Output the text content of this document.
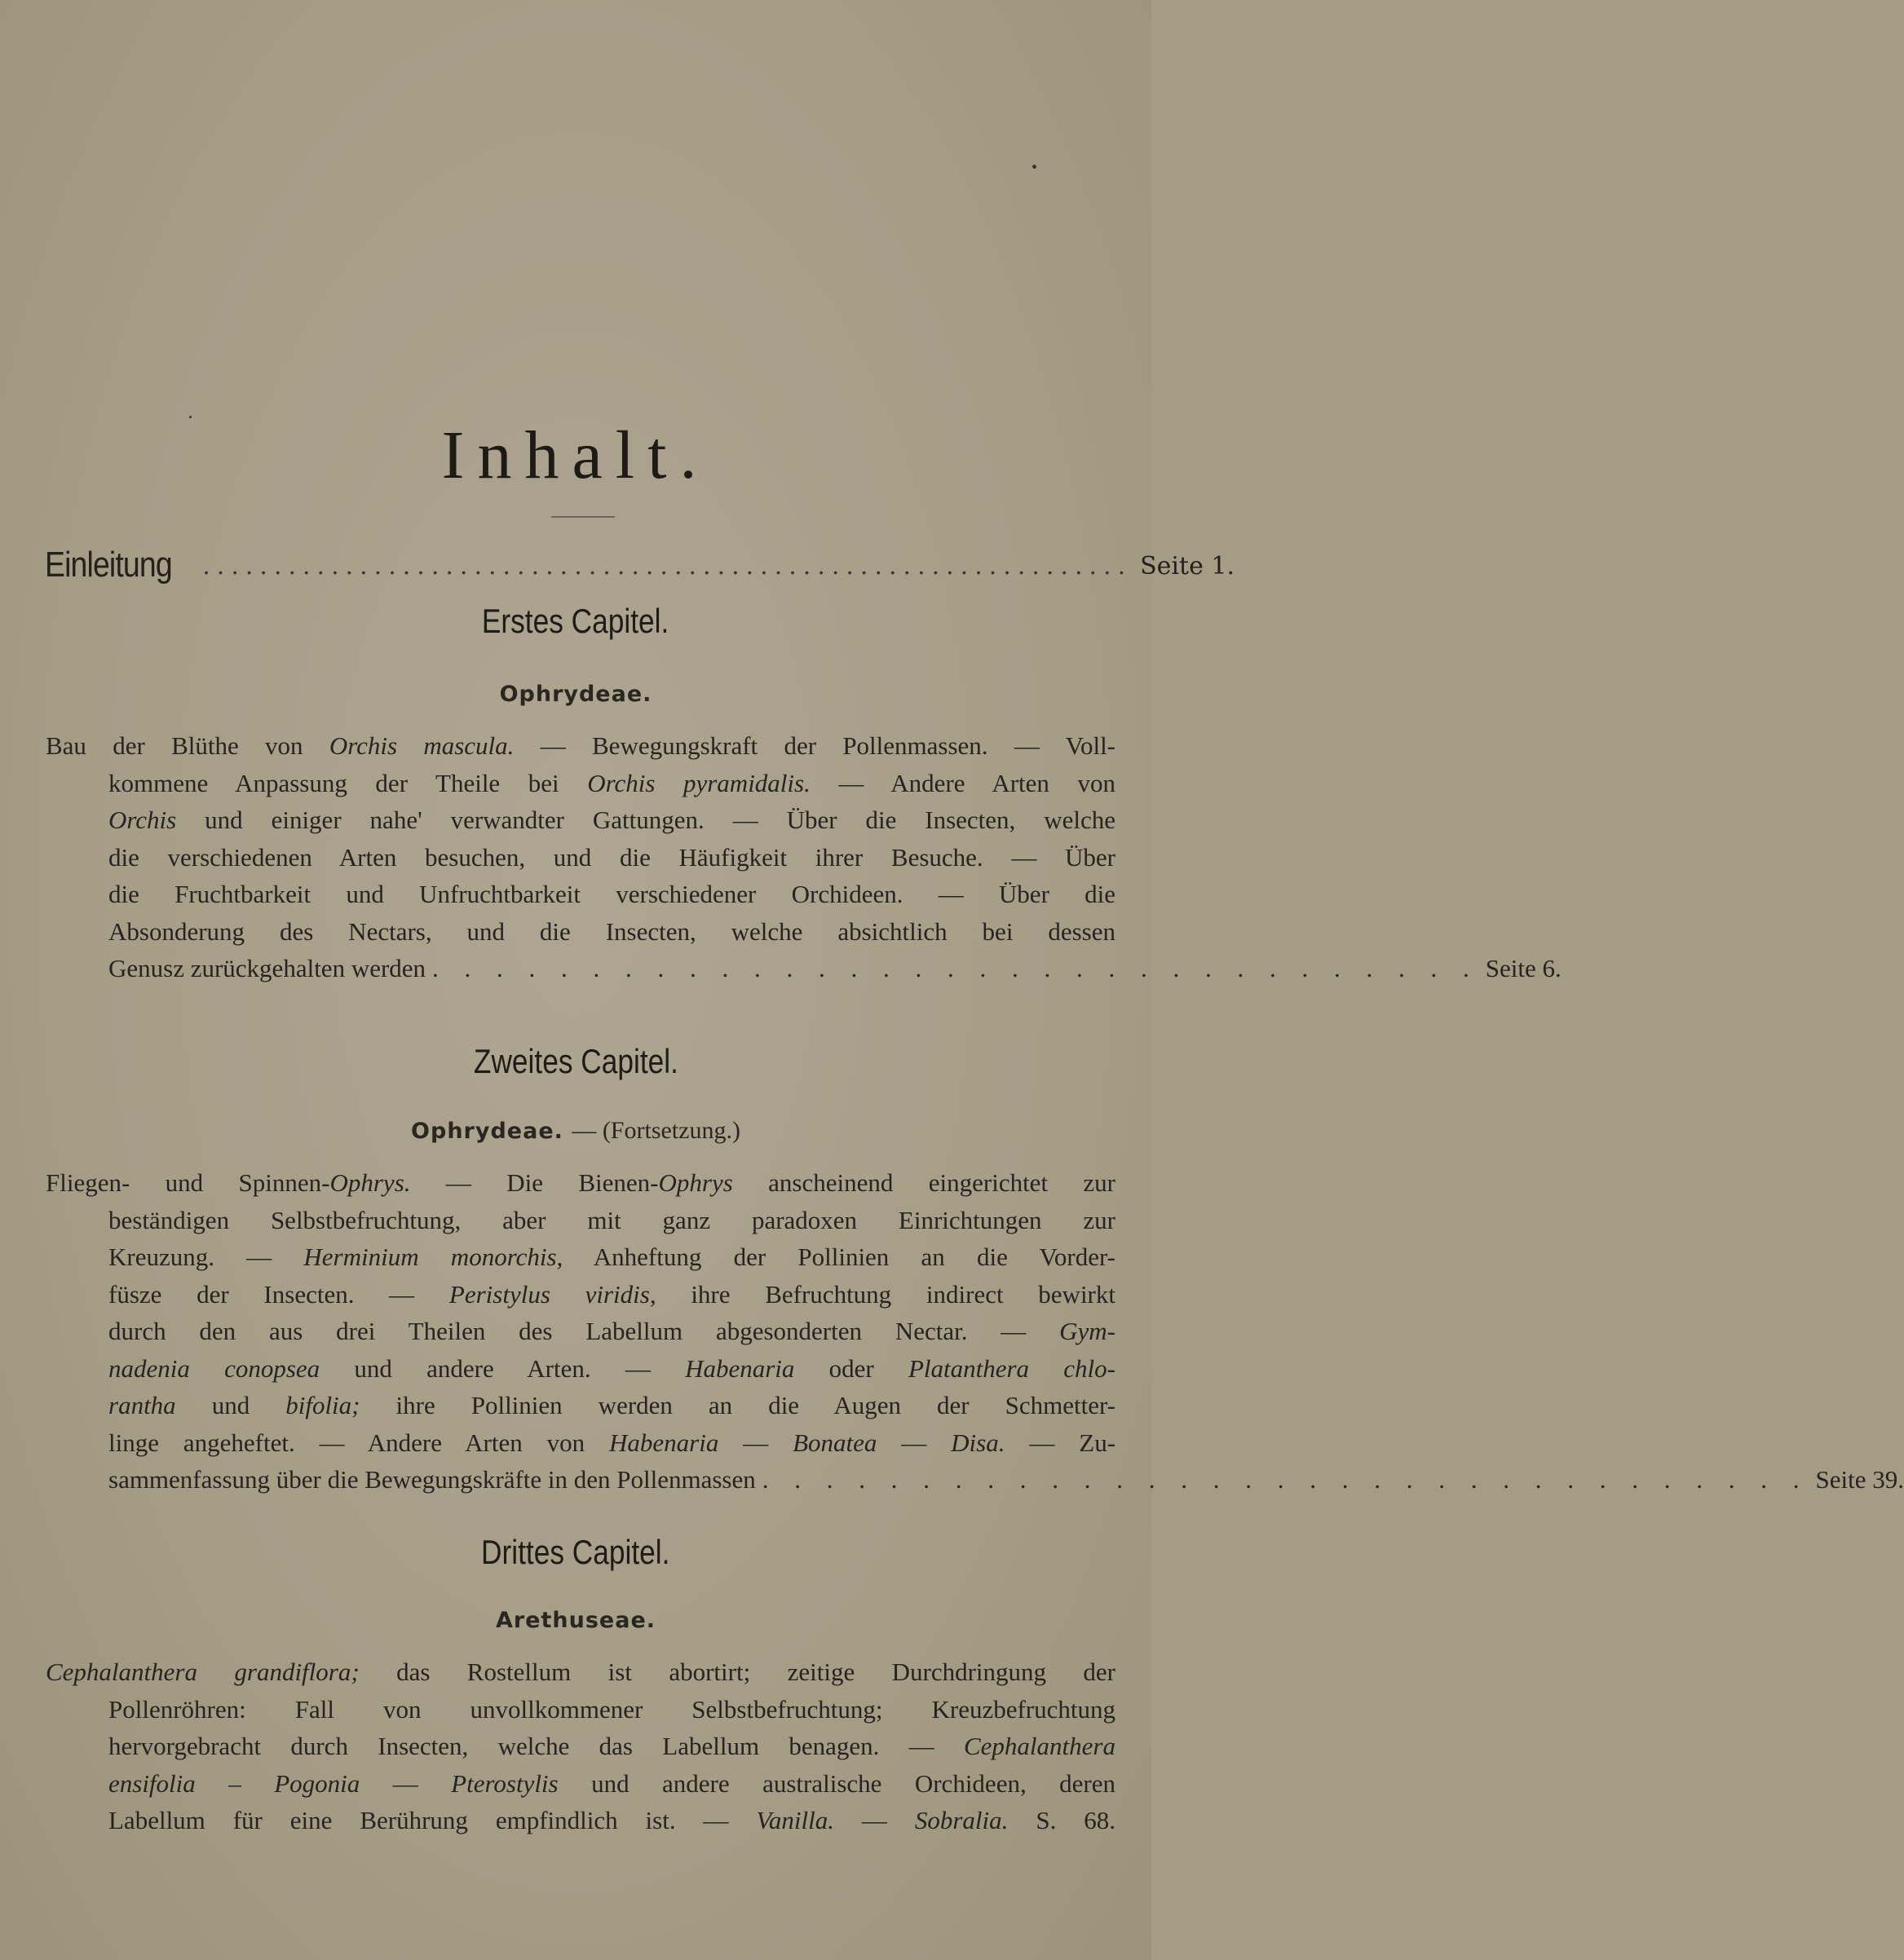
Inhalt.
Einleitung ................................................................. Seite 1.
Erstes Capitel.
Ophrydeae.
Bau der Blüthe von Orchis mascula. — Bewegungskraft der Pollenmassen. — Voll-
kommene Anpassung der Theile bei Orchis pyramidalis. — Andere Arten von
Orchis und einiger nahe' verwandter Gattungen. — Über die Insecten, welche
die verschiedenen Arten besuchen, und die Häufigkeit ihrer Besuche. — Über
die Fruchtbarkeit und Unfruchtbarkeit verschiedener Orchideen. — Über die
Absonderung des Nectars, und die Insecten, welche absichtlich bei dessen
Genusz zurückgehalten werden . . . . . . . . . . . . . . . . . . . . . . . . . . . . . . . . . Seite 6.
Zweites Capitel.
Ophrydeae. — (Fortsetzung.)
Fliegen- und Spinnen-Ophrys. — Die Bienen-Ophrys anscheinend eingerichtet zur
beständigen Selbstbefruchtung, aber mit ganz paradoxen Einrichtungen zur
Kreuzung. — Herminium monorchis, Anheftung der Pollinien an die Vorder-
füsze der Insecten. — Peristylus viridis, ihre Befruchtung indirect bewirkt
durch den aus drei Theilen des Labellum abgesonderten Nectar. — Gym-
nadenia conopsea und andere Arten. — Habenaria oder Platanthera chlo-
rantha und bifolia; ihre Pollinien werden an die Augen der Schmetter-
linge angeheftet. — Andere Arten von Habenaria — Bonatea — Disa. — Zu-
sammenfassung über die Bewegungskräfte in den Pollenmassen . . . . . . . . . . . . . . . . . . . . . . . . . . . . . . . . . Seite 39.
Drittes Capitel.
Arethuseae.
Cephalanthera grandiflora; das Rostellum ist abortirt; zeitige Durchdringung der
Pollenröhren: Fall von unvollkommener Selbstbefruchtung; Kreuzbefruchtung
hervorgebracht durch Insecten, welche das Labellum benagen. — Cephalanthera
ensifolia – Pogonia — Pterostylis und andere australische Orchideen, deren
Labellum für eine Berührung empfindlich ist. — Vanilla. — Sobralia. S. 68.
